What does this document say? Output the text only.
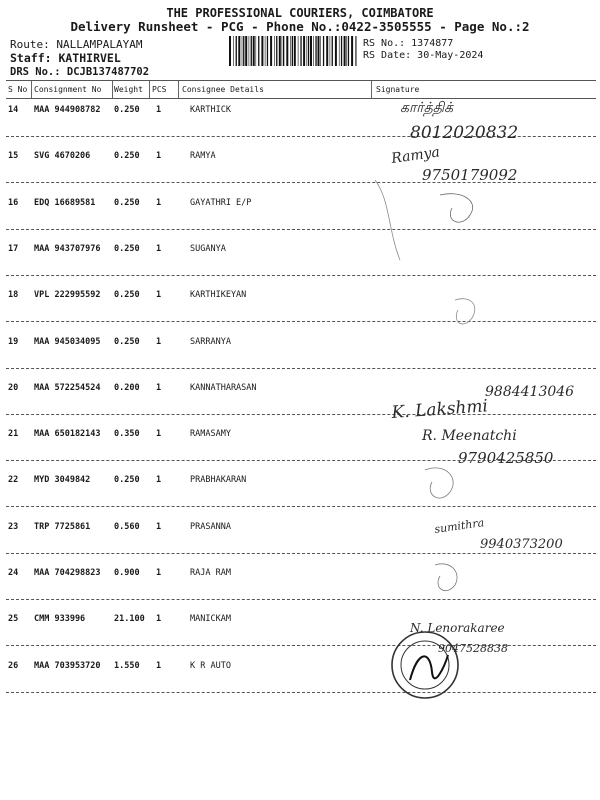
THE PROFESSIONAL COURIERS, COIMBATORE
Delivery Runsheet - PCG - Phone No.:0422-3505555 - Page No.:2
Route: NALLAMPALAYAM
Staff: KATHIRVEL
DRS No.: DCJB137487702
RS No.: 1374877
RS Date: 30-May-2024
S No Consignment No Weight PCS Consignee Details	Signature
14 MAA 944908782 0.250 1	KARTHICK
15 SVG 4670206	0.250 1	RAMYA
16 EDQ 16689581 0.250 1	GAYATHRI E/P
17 MAA 943707976 0.250 1	SUGANYA
18 VPL 222995592 0.250 1	KARTHIKEYAN
19 MAA 945034095 0.250 1	SARRANYA
20 MAA 572254524 0.200 1	KANNATHARASAN
21 MAA 650182143 0.350 1	RAMASAMY
22 MYD 3049842	0.250 1	PRABHAKARAN
23 TRP 7725861	0.560 1	PRASANNA
24 MAA 704298823 0.900 1	RAJA RAM
25 CMM 933996	21.100 1	MANICKAM
26 MAA 703953720 1.550 1	K R AUTO
கார்த்திக்
8012020832
Ramya
9750179092
9884413046
K. Lakshmi
R. Meenatchi
9790425850
sumithra
9940373200
N. Lenorakaree
9047528838
